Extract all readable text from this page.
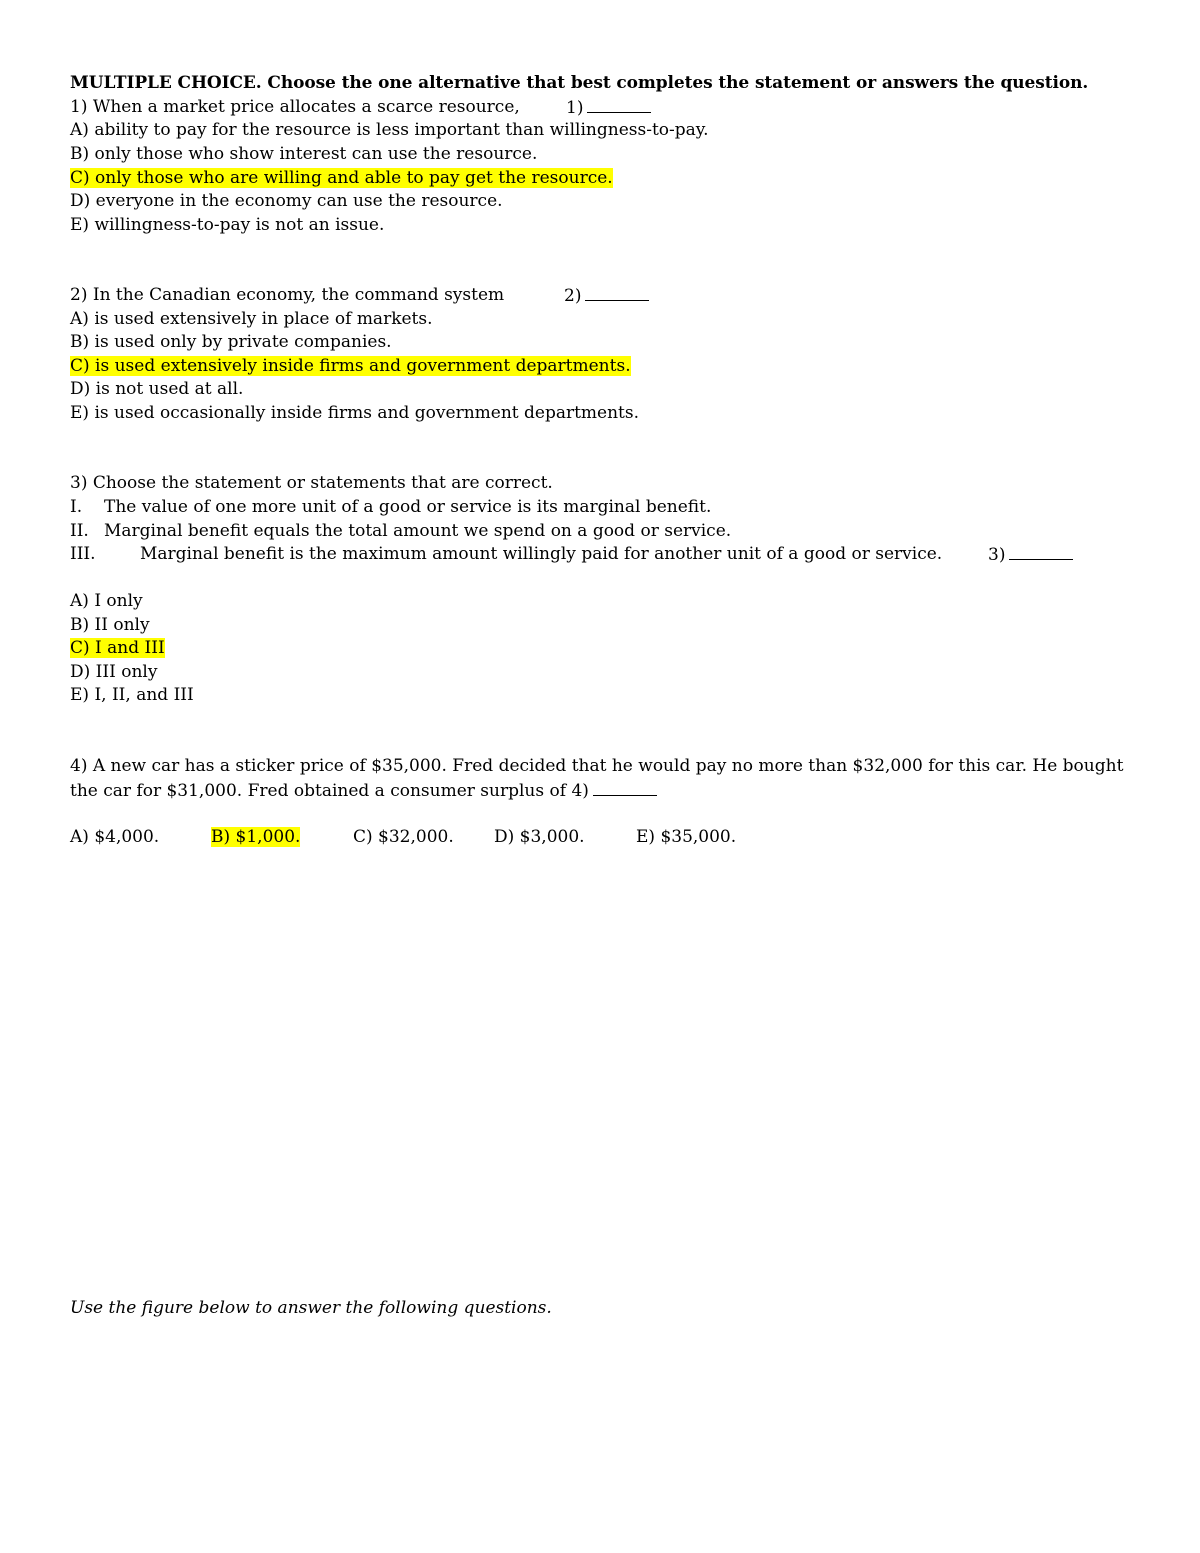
MULTIPLE CHOICE. Choose the one alternative that best completes the statement or answers the question.
1) When a market price allocates a scarce resource,	1)
A) ability to pay for the resource is less important than willingness-to-pay.
B) only those who show interest can use the resource.
C) only those who are willing and able to pay get the resource.
D) everyone in the economy can use the resource.
E) willingness-to-pay is not an issue.
2) In the Canadian economy, the command system	2)
A) is used extensively in place of markets.
B) is used only by private companies.
C) is used extensively inside firms and government departments.
D) is not used at all.
E) is used occasionally inside firms and government departments.
3) Choose the statement or statements that are correct.
I. The value of one more unit of a good or service is its marginal benefit.
II. Marginal benefit equals the total amount we spend on a good or service.
III.	Marginal benefit is the maximum amount willingly paid for another unit of a good or service.	3)
A) I only
B) II only
C) I and III
D) III only
E) I, II, and III
4) A new car has a sticker price of $35,000. Fred decided that he would pay no more than $32,000 for this car. He bought
the car for $31,000. Fred obtained a consumer surplus of 4)
A) $4,000.	B) $1,000.	C) $32,000. D) $3,000.	E) $35,000.
Use the figure below to answer the following questions.
